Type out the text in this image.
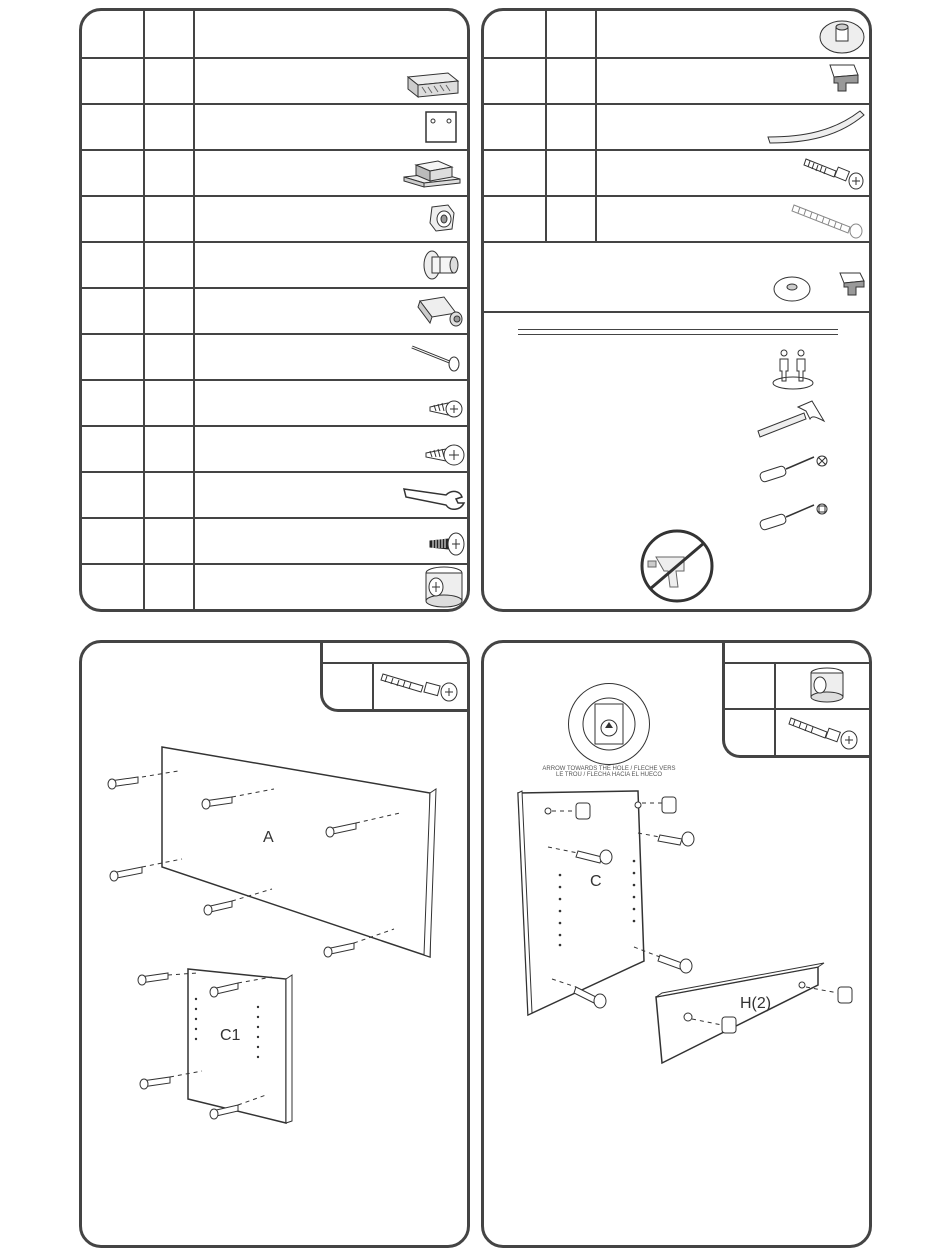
A
C1
ARROW TOWARDS THE HOLE / FLECHE VERS LE TROU / FLECHA HACIA EL HUECO
C
H(2)
